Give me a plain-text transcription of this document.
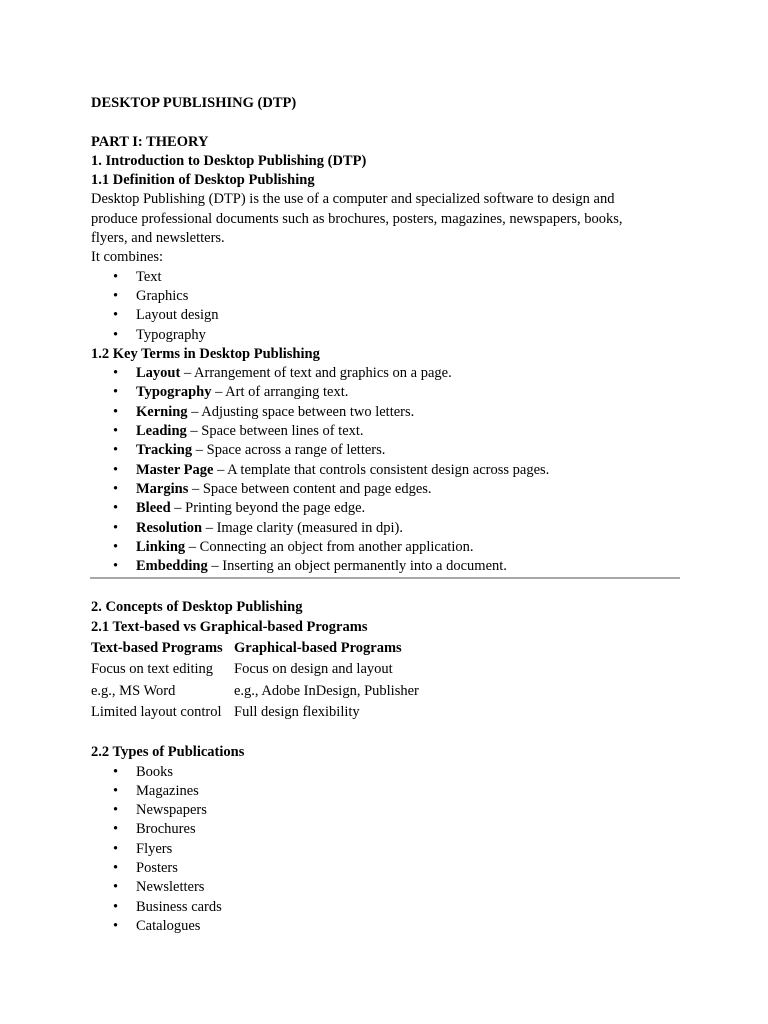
DESKTOP PUBLISHING (DTP)
PART I: THEORY
1. Introduction to Desktop Publishing (DTP)
1.1 Definition of Desktop Publishing
Desktop Publishing (DTP) is the use of a computer and specialized software to design and
produce professional documents such as brochures, posters, magazines, newspapers, books,
flyers, and newsletters.
It combines:
• Text
• Graphics
• Layout design
• Typography
1.2 Key Terms in Desktop Publishing
• Layout – Arrangement of text and graphics on a page.
• Typography – Art of arranging text.
• Kerning – Adjusting space between two letters.
• Leading – Space between lines of text.
• Tracking – Space across a range of letters.
• Master Page – A template that controls consistent design across pages.
• Margins – Space between content and page edges.
• Bleed – Printing beyond the page edge.
• Resolution – Image clarity (measured in dpi).
• Linking – Connecting an object from another application.
• Embedding – Inserting an object permanently into a document.
2. Concepts of Desktop Publishing
2.1 Text-based vs Graphical-based Programs
Text-based Programs	Graphical-based Programs
Focus on text editing	Focus on design and layout
e.g., MS Word	e.g., Adobe InDesign, Publisher
Limited layout control	Full design flexibility
2.2 Types of Publications
• Books
• Magazines
• Newspapers
• Brochures
• Flyers
• Posters
• Newsletters
• Business cards
• Catalogues
